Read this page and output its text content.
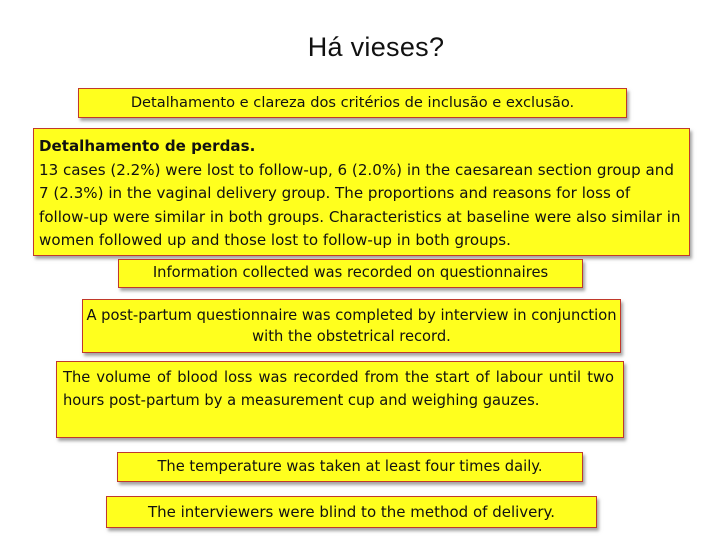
Há vieses?
Detalhamento e clareza dos critérios de inclusão e exclusão.
Detalhamento de perdas.
13 cases (2.2%) were lost to follow-up, 6 (2.0%) in the caesarean section group and 7 (2.3%) in the vaginal delivery group. The proportions and reasons for loss of follow-up were similar in both groups. Characteristics at baseline were also similar in women followed up and those lost to follow-up in both groups.
Information collected was recorded on questionnaires
A post-partum questionnaire was completed by interview in conjunction with the obstetrical record.
The volume of blood loss was recorded from the start of labour until two hours post-partum by a measurement cup and weighing gauzes.
The temperature was taken at least four times daily.
The interviewers were blind to the method of delivery.
